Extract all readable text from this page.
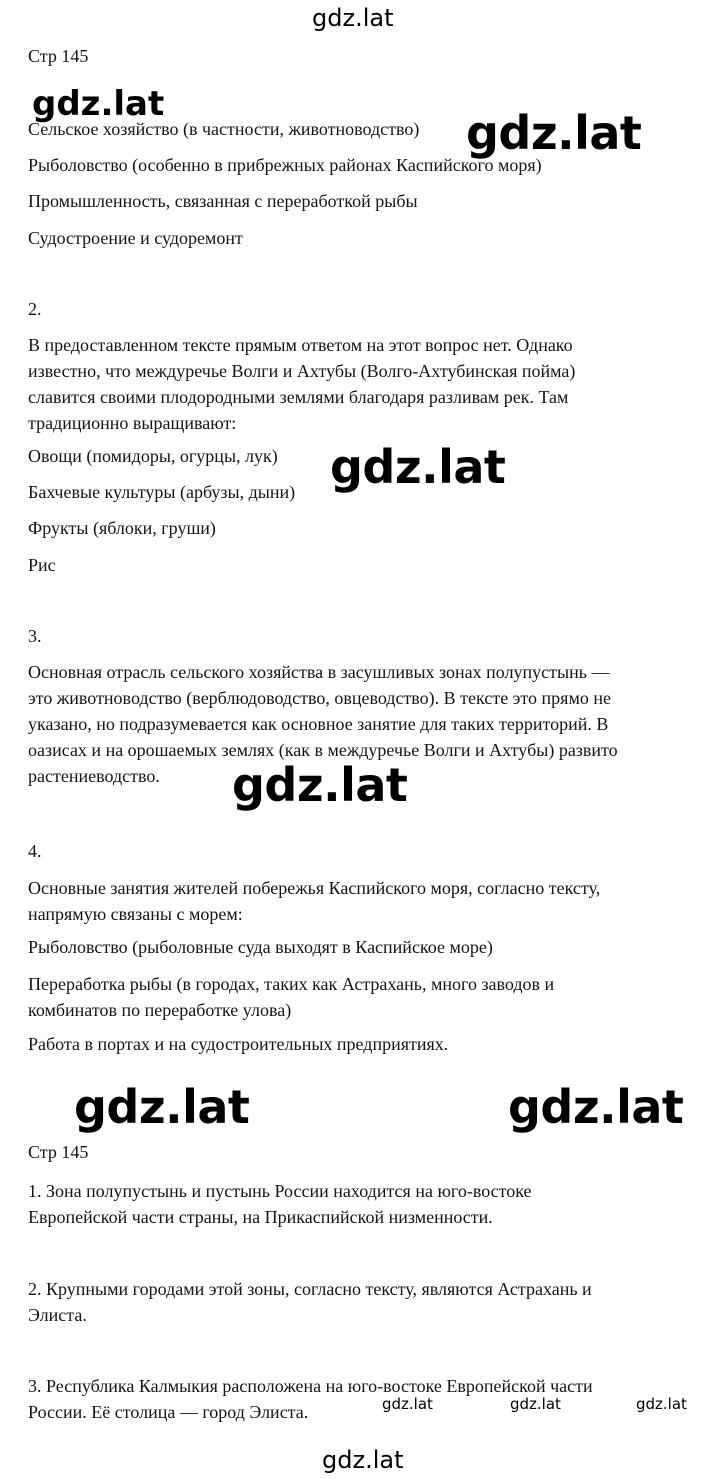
gdz.lat
Стр 145
Сельское хозяйство (в частности, животноводство)
Рыболовство (особенно в прибрежных районах Каспийского моря)
Промышленность, связанная с переработкой рыбы
Судостроение и судоремонт
gdz.lat
gdz.lat
2.
В предоставленном тексте прямым ответом на этот вопрос нет. Однако
известно, что междуречье Волги и Ахтубы (Волго-Ахтубинская пойма)
славится своими плодородными землями благодаря разливам рек. Там
традиционно выращивают:
Овощи (помидоры, огурцы, лук)
Бахчевые культуры (арбузы, дыни)
Фрукты (яблоки, груши)
Рис
gdz.lat
3.
Основная отрасль сельского хозяйства в засушливых зонах полупустынь —
это животноводство (верблюдоводство, овцеводство). В тексте это прямо не
указано, но подразумевается как основное занятие для таких территорий. В
оазисах и на орошаемых землях (как в междуречье Волги и Ахтубы) развито
растениеводство.	gdz.lat
4.
Основные занятия жителей побережья Каспийского моря, согласно тексту,
напрямую связаны с морем:
Рыболовство (рыболовные суда выходят в Каспийское море)
Переработка рыбы (в городах, таких как Астрахань, много заводов и
комбинатов по переработке улова)
Работа в портах и на судостроительных предприятиях.
gdz.lat	gdz.lat
Стр 145
1. Зона полупустынь и пустынь России находится на юго-востоке
Европейской части страны, на Прикаспийской низменности.
2. Крупными городами этой зоны, согласно тексту, являются Астрахань и
Элиста.
3. Республика Калмыкия расположена на юго-востоке Европейской части
России. Её столица — город Элиста.	gdz.lat	gdz.lat	gdz.lat
gdz.lat
